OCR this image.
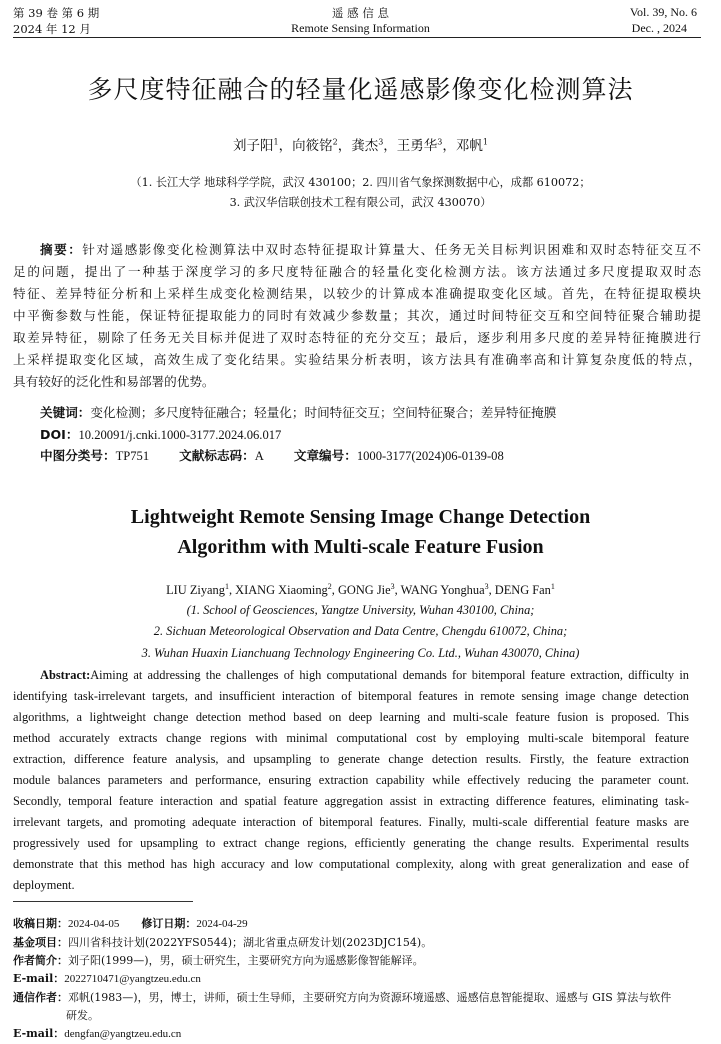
第 39 卷 第 6 期
2024 年 12 月
遥 感 信 息
Remote Sensing Information
Vol. 39, No. 6
Dec. , 2024
多尺度特征融合的轻量化遥感影像变化检测算法
刘子阳$^1$，向筱铭$^2$，龚杰$^3$，王勇华$^3$，邓帆$^1$
（1. 长江大学 地球科学学院，武汉 430100；2. 四川省气象探测数据中心，成都 610072；
3. 武汉华信联创技术工程有限公司，武汉 430070）
摘要：针对遥感影像变化检测算法中双时态特征提取计算量大、任务无关目标判识困难和双时态特征交互不
足的问题，提出了一种基于深度学习的多尺度特征融合的轻量化变化检测方法。该方法通过多尺度提取双时态
特征、差异特征分析和上采样生成变化检测结果，以较少的计算成本准确提取变化区域。首先，在特征提取模块
中平衡参数与性能，保证特征提取能力的同时有效减少参数量；其次，通过时间特征交互和空间特征聚合辅助提
取差异特征，剔除了任务无关目标并促进了双时态特征的充分交互；最后，逐步利用多尺度的差异特征掩膜进行
上采样提取变化区域，高效生成了变化结果。实验结果分析表明，该方法具有准确率高和计算复杂度低的特点，
具有较好的泛化性和易部署的优势。
关键词：变化检测；多尺度特征融合；轻量化；时间特征交互；空间特征聚合；差异特征掩膜
DOI：10.20091/j.cnki.1000-3177.2024.06.017
中图分类号：TP751 文献标志码：A 文章编号：1000-3177(2024)06-0139-08
Lightweight Remote Sensing Image Change Detection
Algorithm with Multi-scale Feature Fusion
LIU Ziyang$^1$, XIANG Xiaoming$^2$, GONG Jie$^3$, WANG Yonghua$^3$, DENG Fan$^1$
(1. School of Geosciences, Yangtze University, Wuhan 430100, China;
2. Sichuan Meteorological Observation and Data Centre, Chengdu 610072, China;
3. Wuhan Huaxin Lianchuang Technology Engineering Co. Ltd., Wuhan 430070, China)
Abstract:Aiming at addressing the challenges of high computational demands for bitemporal feature extraction, difficulty in
identifying task-irrelevant targets, and insufficient interaction of bitemporal features in remote sensing image change detection
algorithms, a lightweight change detection method based on deep learning and multi-scale feature fusion is proposed. This
method accurately extracts change regions with minimal computational cost by employing multi-scale bitemporal feature
extraction, difference feature analysis, and upsampling to generate change detection results. Firstly, the feature extraction
module balances parameters and performance, ensuring extraction capability while effectively reducing the parameter count.
Secondly, temporal feature interaction and spatial feature aggregation assist in extracting difference features, eliminating task-
irrelevant targets, and promoting adequate interaction of bitemporal features. Finally, multi-scale differential feature masks are
progressively used for upsampling to extract change regions, efficiently generating the change results. Experimental results
demonstrate that this method has high accuracy and low computational complexity, along with great generalization and ease of
deployment.
收稿日期：2024-04-05 修订日期：2024-04-29
基金项目：四川省科技计划(2022YFS0544)；湖北省重点研发计划(2023DJC154)。
作者简介：刘子阳(1999—)，男，硕士研究生，主要研究方向为遥感影像智能解译。
E-mail：2022710471@yangtzeu.edu.cn
通信作者：邓帆(1983—)，男，博士，讲师，硕士生导师，主要研究方向为资源环境遥感、遥感信息智能提取、遥感与 GIS 算法与软件
研发。
E-mail：dengfan@yangtzeu.edu.cn
